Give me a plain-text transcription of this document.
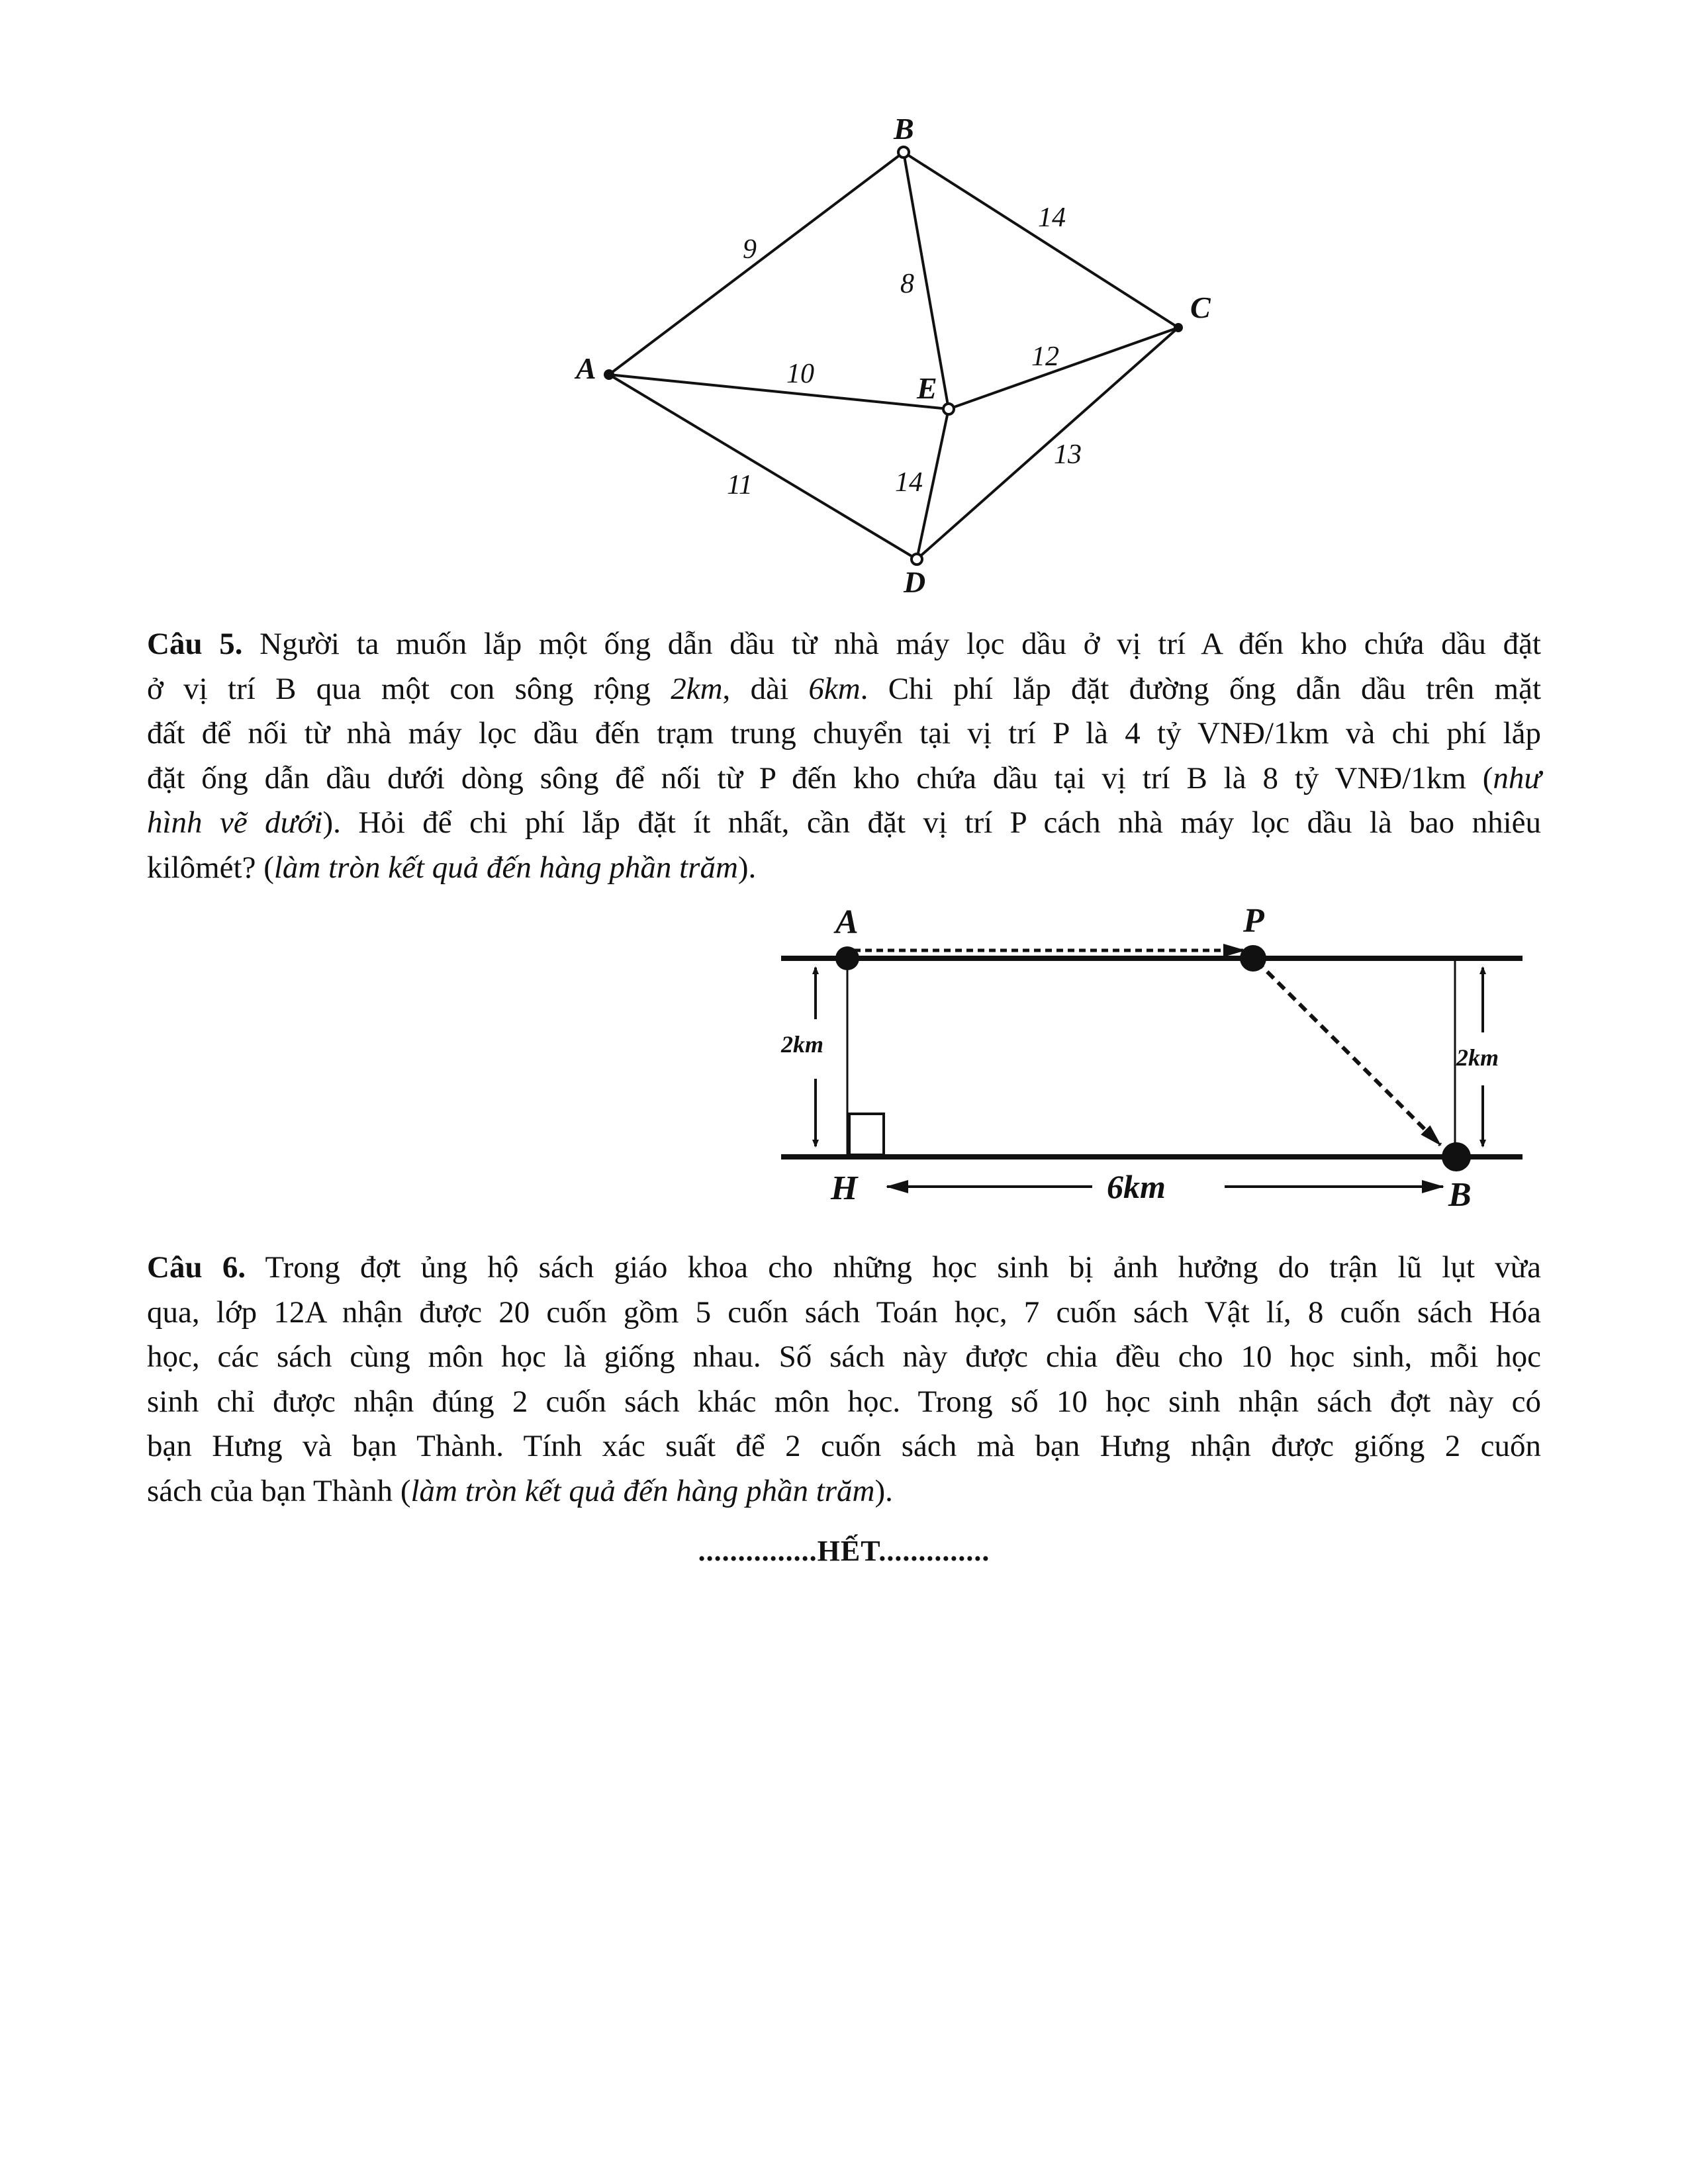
B
C
A
E
D
9
14
8
10
12
11	14
13
Câu 5. Người ta muốn lắp một ống dẫn dầu từ nhà máy lọc dầu ở vị trí A đến kho chứa dầu đặt
ở vị trí B qua một con sông rộng 2km, dài 6km. Chi phí lắp đặt đường ống dẫn dầu trên mặt
đất để nối từ nhà máy lọc dầu đến trạm trung chuyển tại vị trí P là 4 tỷ VNĐ/1km và chi phí lắp
đặt ống dẫn dầu dưới dòng sông để nối từ P đến kho chứa dầu tại vị trí B là 8 tỷ VNĐ/1km (như
hình vẽ dưới). Hỏi để chi phí lắp đặt ít nhất, cần đặt vị trí P cách nhà máy lọc dầu là bao nhiêu
kilômét? (làm tròn kết quả đến hàng phần trăm).
A	P
H	B
2km	2km
6km
Câu 6. Trong đợt ủng hộ sách giáo khoa cho những học sinh bị ảnh hưởng do trận lũ lụt vừa
qua, lớp 12A nhận được 20 cuốn gồm 5 cuốn sách Toán học, 7 cuốn sách Vật lí, 8 cuốn sách Hóa
học, các sách cùng môn học là giống nhau. Số sách này được chia đều cho 10 học sinh, mỗi học
sinh chỉ được nhận đúng 2 cuốn sách khác môn học. Trong số 10 học sinh nhận sách đợt này có
bạn Hưng và bạn Thành. Tính xác suất để 2 cuốn sách mà bạn Hưng nhận được giống 2 cuốn
sách của bạn Thành (làm tròn kết quả đến hàng phần trăm).
...............HẾT..............
